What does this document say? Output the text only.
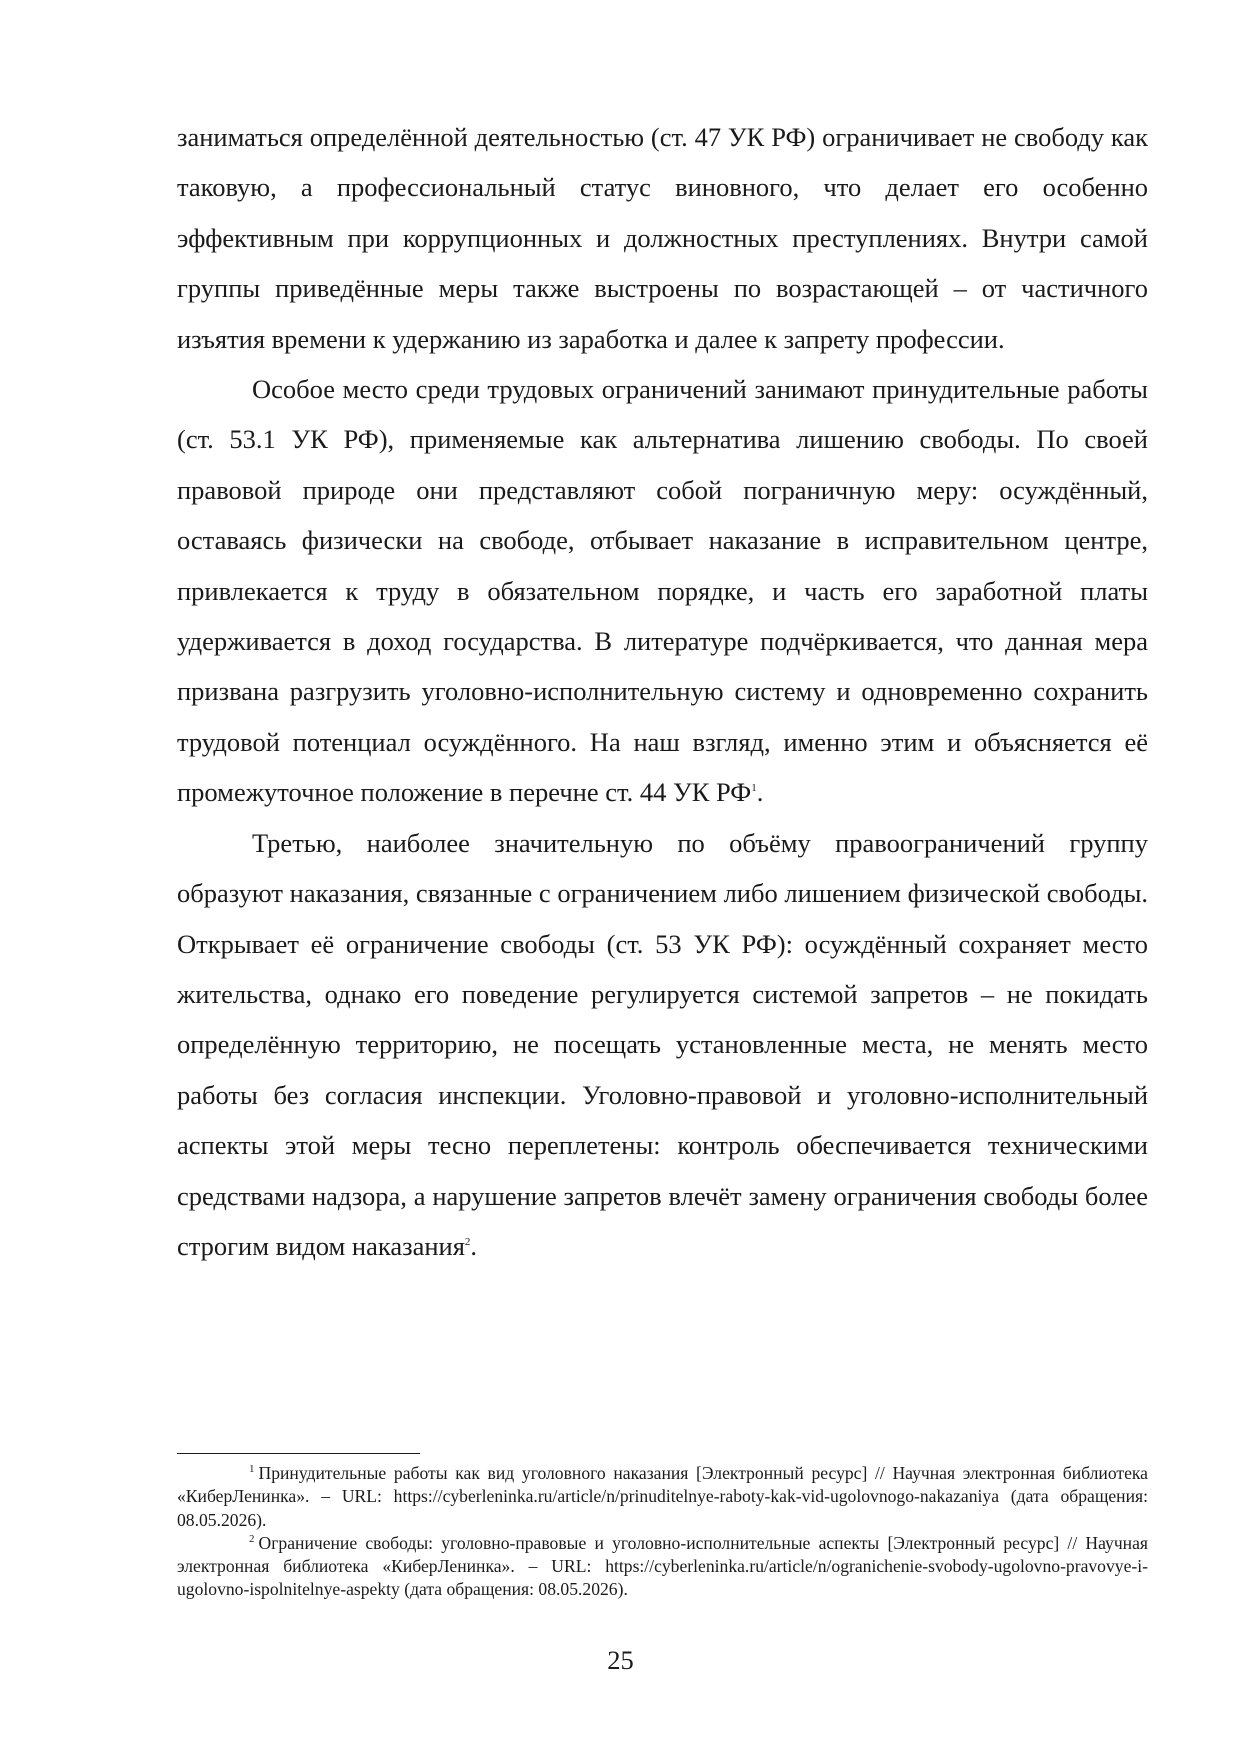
заниматься определённой деятельностью (ст. 47 УК РФ) ограничивает не свободу как таковую, а профессиональный статус виновного, что делает его особенно эффективным при коррупционных и должностных преступлениях. Внутри самой группы приведённые меры также выстроены по возрастающей – от частичного изъятия времени к удержанию из заработка и далее к запрету профессии.

Особое место среди трудовых ограничений занимают принудительные работы (ст. 53.1 УК РФ), применяемые как альтернатива лишению свободы. По своей правовой природе они представляют собой пограничную меру: осуждённый, оставаясь физически на свободе, отбывает наказание в исправительном центре, привлекается к труду в обязательном порядке, и часть его заработной платы удерживается в доход государства. В литературе подчёркивается, что данная мера призвана разгрузить уголовно-исполнительную систему и одновременно сохранить трудовой потенциал осуждённого. На наш взгляд, именно этим и объясняется её промежуточное положение в перечне ст. 44 УК РФ$^1$.

Третью, наиболее значительную по объёму правоограничений группу образуют наказания, связанные с ограничением либо лишением физической свободы. Открывает её ограничение свободы (ст. 53 УК РФ): осуждённый сохраняет место жительства, однако его поведение регулируется системой запретов – не покидать определённую территорию, не посещать установленные места, не менять место работы без согласия инспекции. Уголовно-правовой и уголовно-исполнительный аспекты этой меры тесно переплетены: контроль обеспечивается техническими средствами надзора, а нарушение запретов влечёт замену ограничения свободы более строгим видом наказания$^2$.

$^1$ Принудительные работы как вид уголовного наказания [Электронный ресурс] // Научная электронная библиотека «КиберЛенинка». – URL: https://cyberleninka.ru/article/n/prinuditelnye-raboty-kak-vid-ugolovnogo-nakazaniya (дата обращения: 08.05.2026).

$^2$ Ограничение свободы: уголовно-правовые и уголовно-исполнительные аспекты [Электронный ресурс] // Научная электронная библиотека «КиберЛенинка». – URL: https://cyberleninka.ru/article/n/ogranichenie-svobody-ugolovno-pravovye-i-ugolovno-ispolnitelnye-aspekty (дата обращения: 08.05.2026).

25
